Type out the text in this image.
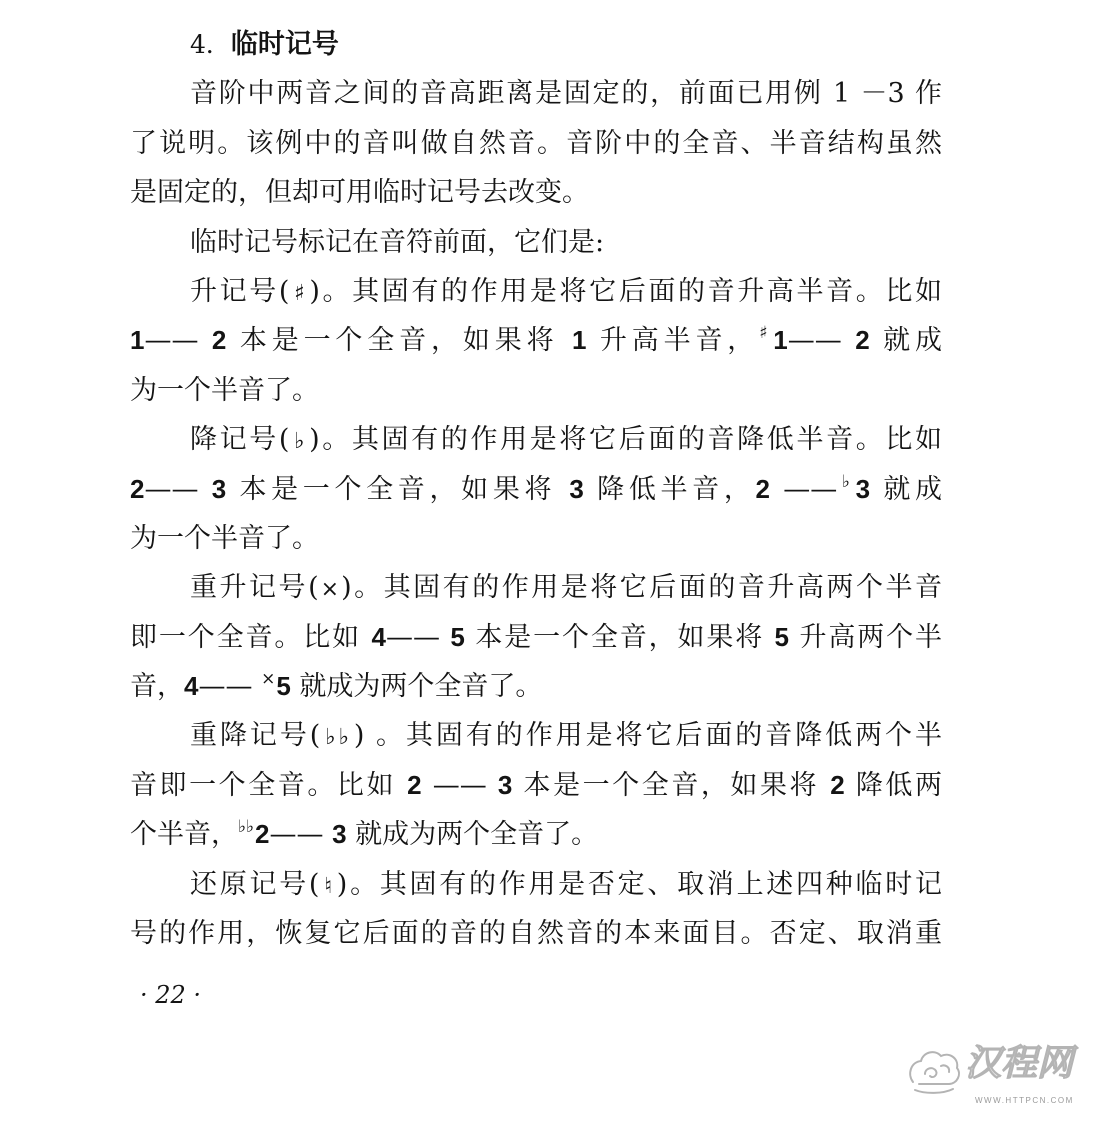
4．临时记号
音阶中两音之间的音高距离是固定的，前面已用例 1 －3 作
了说明。该例中的音叫做自然音。音阶中的全音、半音结构虽然
是固定的，但却可用临时记号去改变。
临时记号标记在音符前面，它们是:
升记号(♯)。其固有的作用是将它后面的音升高半音。比如
1—— 2 本是一个全音，如果将 1 升高半音，♯1—— 2 就成
为一个半音了。
降记号(♭)。其固有的作用是将它后面的音降低半音。比如
2—— 3 本是一个全音，如果将 3 降低半音，2 ——♭3 就成
为一个半音了。
重升记号(×)。其固有的作用是将它后面的音升高两个半音
即一个全音。比如 4—— 5 本是一个全音，如果将 5 升高两个半
音，4—— ×5 就成为两个全音了。
重降记号(♭♭) 。其固有的作用是将它后面的音降低两个半
音即一个全音。比如 2 —— 3 本是一个全音，如果将 2 降低两
个半音，♭♭2—— 3 就成为两个全音了。
还原记号(♮)。其固有的作用是否定、取消上述四种临时记
号的作用，恢复它后面的音的自然音的本来面目。否定、取消重
· 22 ·
汉程网
WWW.HTTPCN.COM
